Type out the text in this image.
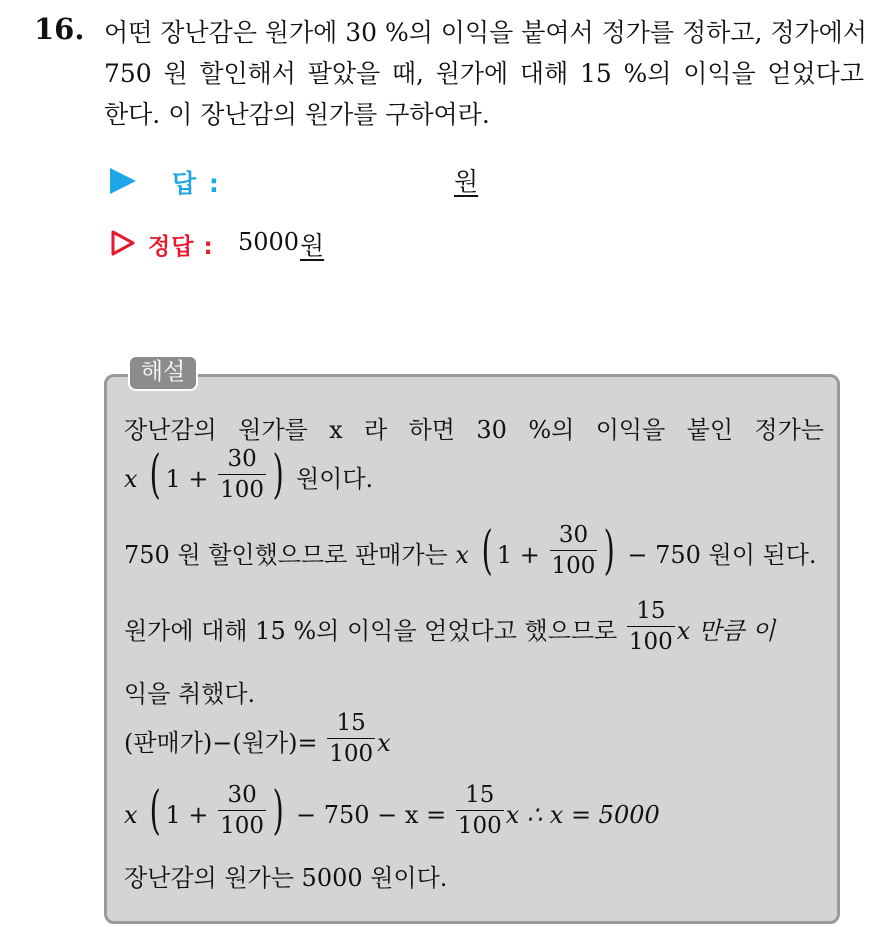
16. 어떤 장난감은 원가에 30 %의 이익을 붙여서 정가를 정하고, 정가에서
750 원 할인해서 팔았을 때, 원가에 대해 15 %의 이익을 얻었다고
한다. 이 장난감의 원가를 구하여라.
답 :	원
정답 : 5000 원
해설
장난감의 원가를 x 라 하면 30 %의 이익을 붙인 정가는
x ( $1 + \frac{30}{100}$ ) 원이다.
750 원 할인했으므로 판매가는 x ( $1 + \frac{30}{100}$ ) − 750 원이 된다.
원가에 대해 15 %의 이익을 얻었다고 했으므로 $\frac{15}{100}$ x 만큼 이
익을 취했다.
(판매가)−(원가)= $\frac{15}{100}$ x
x ( $1 + \frac{30}{100}$ ) − $750 - x = \frac{15}{100}$ x ∴ x = 5000
장난감의 원가는 5000 원이다.
